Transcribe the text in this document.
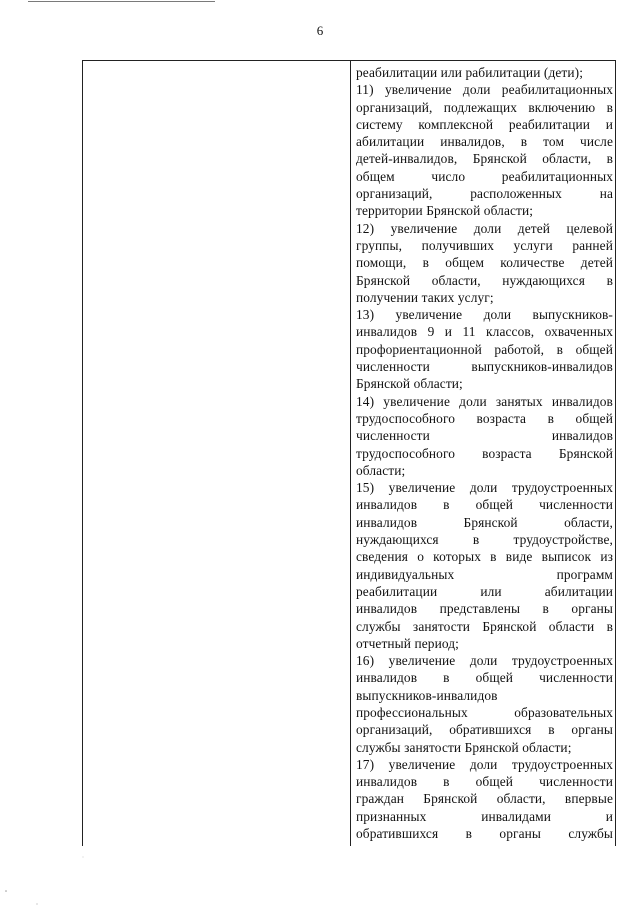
6
реабилитации или рабилитации (дети);
11) увеличение доли реабилитационных
организаций, подлежащих включению в
систему комплексной реабилитации и
абилитации инвалидов, в том числе
детей-инвалидов, Брянской области, в
общем число реабилитационных
организаций, расположенных на
территории Брянской области;
12) увеличение доли детей целевой
группы, получивших услуги ранней
помощи, в общем количестве детей
Брянской области, нуждающихся в
получении таких услуг;
13) увеличение доли выпускников-
инвалидов 9 и 11 классов, охваченных
профориентационной работой, в общей
численности выпускников-инвалидов
Брянской области;
14) увеличение доли занятых инвалидов
трудоспособного возраста в общей
численности инвалидов
трудоспособного возраста Брянской
области;
15) увеличение доли трудоустроенных
инвалидов в общей численности
инвалидов Брянской области,
нуждающихся в трудоустройстве,
сведения о которых в виде выписок из
индивидуальных программ
реабилитации или абилитации
инвалидов представлены в органы
службы занятости Брянской области в
отчетный период;
16) увеличение доли трудоустроенных
инвалидов в общей численности
выпускников-инвалидов
профессиональных образовательных
организаций, обратившихся в органы
службы занятости Брянской области;
17) увеличение доли трудоустроенных
инвалидов в общей численности
граждан Брянской области, впервые
признанных инвалидами и
обратившихся в органы службы
